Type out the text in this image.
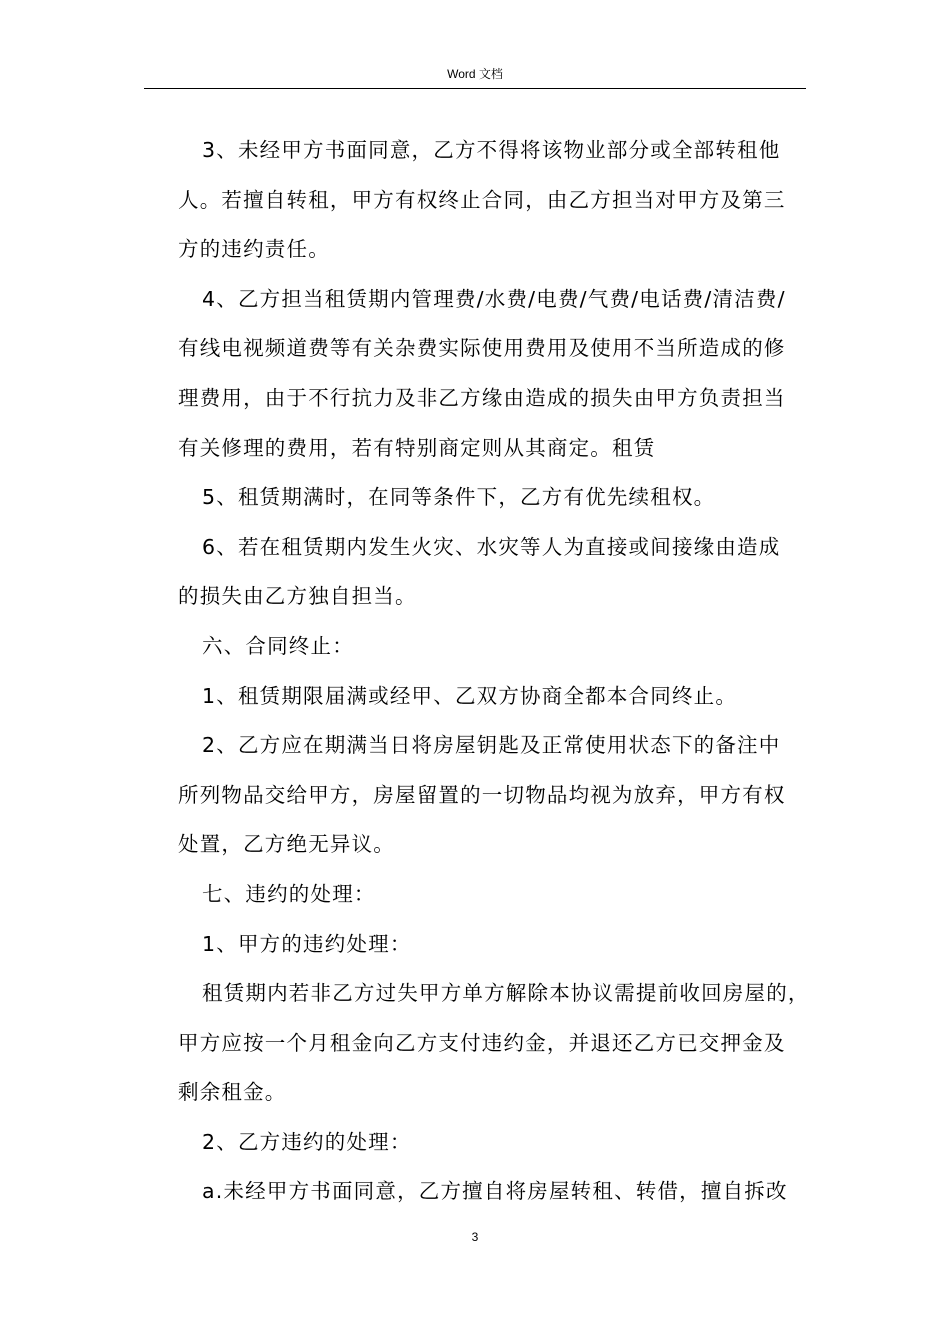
Word 文档
3、未经甲方书面同意，乙方不得将该物业部分或全部转租他
人。若擅自转租，甲方有权终止合同，由乙方担当对甲方及第三
方的违约责任。
4、乙方担当租赁期内管理费/水费/电费/气费/电话费/清洁费/
有线电视频道费等有关杂费实际使用费用及使用不当所造成的修
理费用，由于不行抗力及非乙方缘由造成的损失由甲方负责担当
有关修理的费用，若有特别商定则从其商定。租赁
5、租赁期满时，在同等条件下，乙方有优先续租权。
6、若在租赁期内发生火灾、水灾等人为直接或间接缘由造成
的损失由乙方独自担当。
六、合同终止：
1、租赁期限届满或经甲、乙双方协商全都本合同终止。
2、乙方应在期满当日将房屋钥匙及正常使用状态下的备注中
所列物品交给甲方，房屋留置的一切物品均视为放弃，甲方有权
处置，乙方绝无异议。
七、违约的处理：
1、甲方的违约处理：
租赁期内若非乙方过失甲方单方解除本协议需提前收回房屋的，
甲方应按一个月租金向乙方支付违约金，并退还乙方已交押金及
剩余租金。
2、乙方违约的处理：
a.未经甲方书面同意，乙方擅自将房屋转租、转借，擅自拆改
3
